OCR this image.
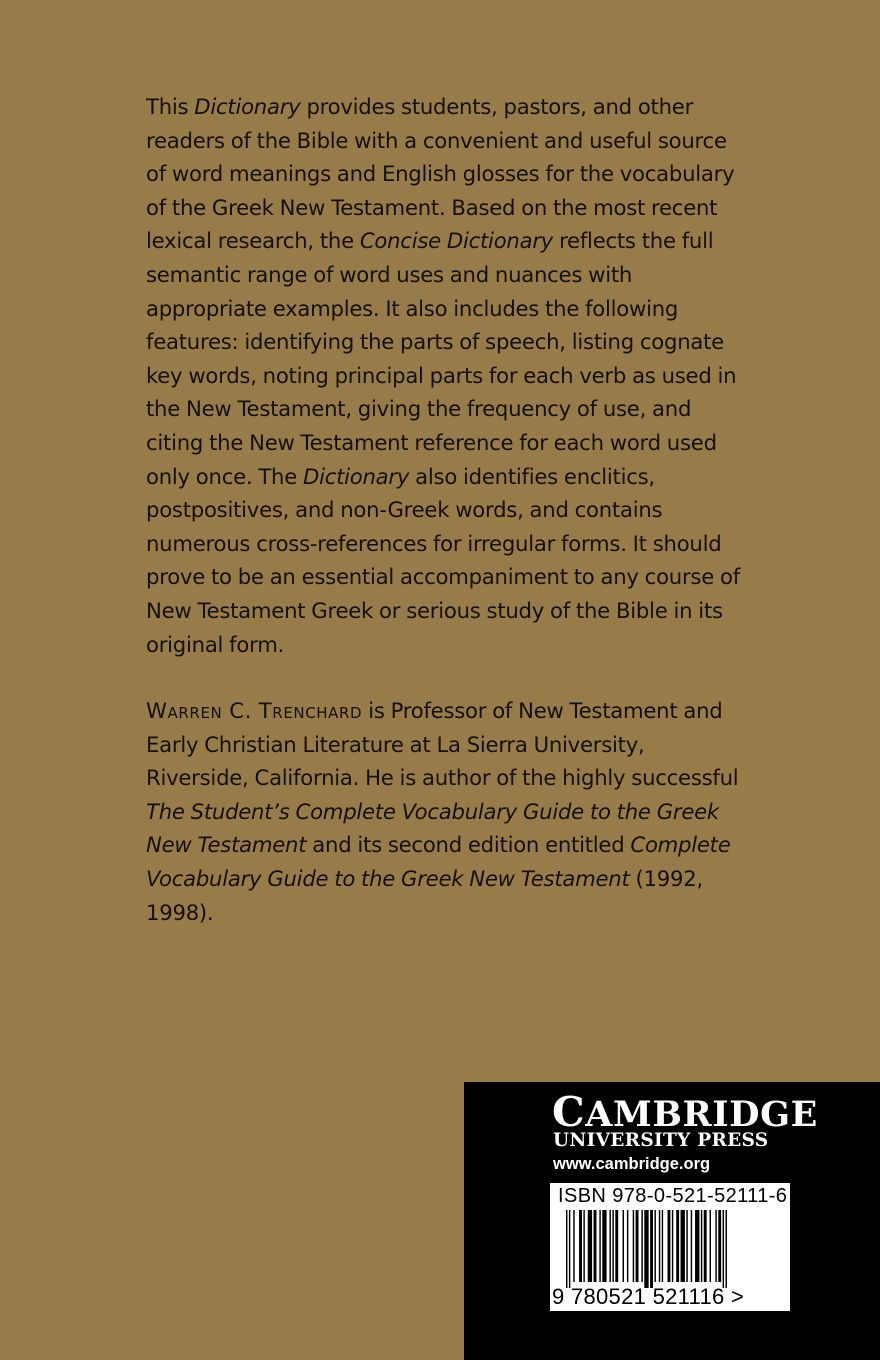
This Dictionary provides students, pastors, and other readers of the Bible with a convenient and useful source of word meanings and English glosses for the vocabulary of the Greek New Testament. Based on the most recent lexical research, the Concise Dictionary reflects the full semantic range of word uses and nuances with appropriate examples. It also includes the following features: identifying the parts of speech, listing cognate key words, noting principal parts for each verb as used in the New Testament, giving the frequency of use, and citing the New Testament reference for each word used only once. The Dictionary also identifies enclitics, postpositives, and non-Greek words, and contains numerous cross-references for irregular forms. It should prove to be an essential accompaniment to any course of New Testament Greek or serious study of the Bible in its original form.

Warren C. Trenchard is Professor of New Testament and Early Christian Literature at La Sierra University, Riverside, California. He is author of the highly successful The Student’s Complete Vocabulary Guide to the Greek New Testament and its second edition entitled Complete Vocabulary Guide to the Greek New Testament (1992, 1998).

CAMBRIDGE

UNIVERSITY PRESS

www.cambridge.org

ISBN 978-0-521-52111-6

9 780521 521116 >
